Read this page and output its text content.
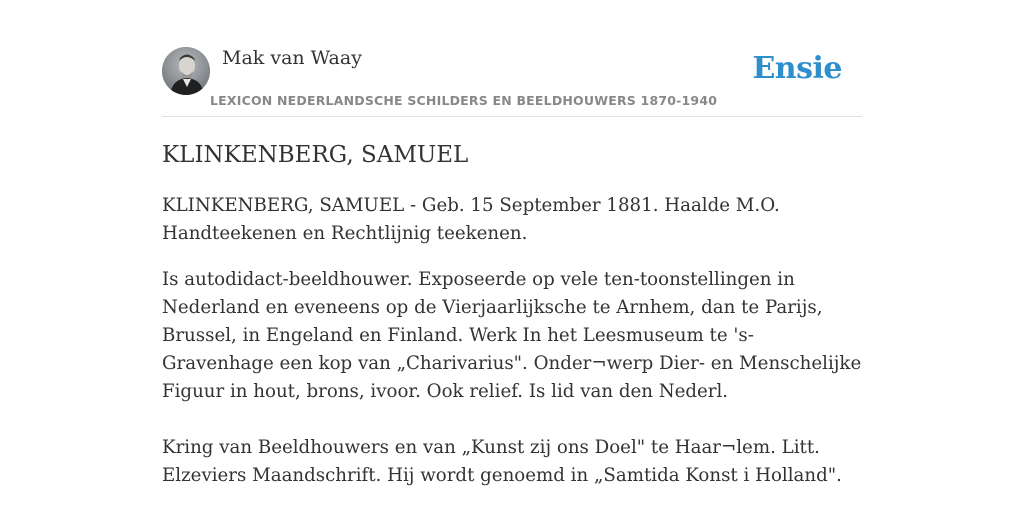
Mak van Waay
LEXICON NEDERLANDSCHE SCHILDERS EN BEELDHOUWERS 1870-1940
Ensie
KLINKENBERG, SAMUEL

KLINKENBERG, SAMUEL - Geb. 15 September 1881. Haalde M.O. Handteekenen en Rechtlijnig teekenen.

Is autodidact-beeldhouwer. Exposeerde op vele ten-toonstellingen in Nederland en eveneens op de Vierjaarlijksche te Arnhem, dan te Parijs, Brussel, in Engeland en Finland. Werk In het Leesmuseum te 's-Gravenhage een kop van „Charivarius". Onder¬werp Dier- en Menschelijke Figuur in hout, brons, ivoor. Ook relief. Is lid van den Nederl.

Kring van Beeldhouwers en van „Kunst zij ons Doel" te Haar¬lem. Litt. Elzeviers Maandschrift. Hij wordt genoemd in „Samtida Konst i Holland".
